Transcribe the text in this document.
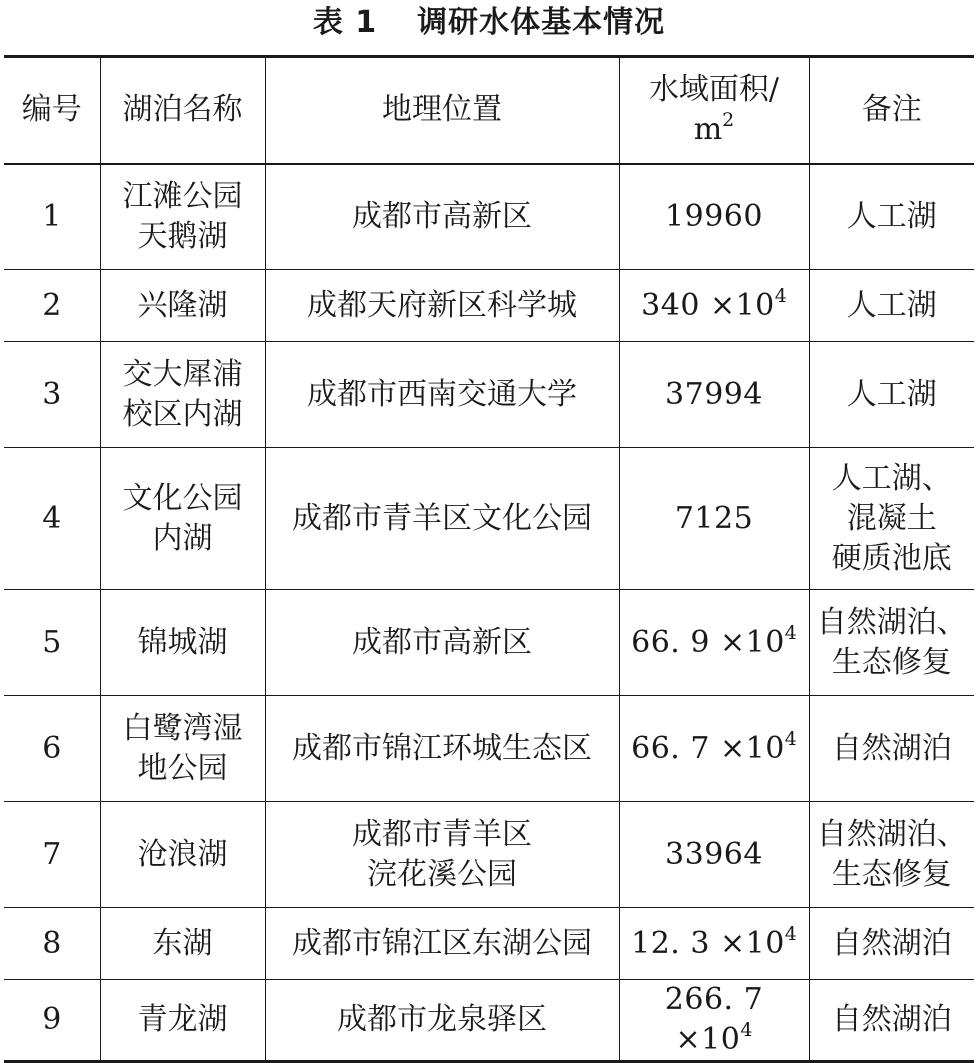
表 1 调研水体基本情况
编号	湖泊名称	地理位置	水域面积/
$m^2$	备注
1	江滩公园
天鹅湖	成都市高新区	19960	人工湖

2	兴隆湖	成都天府新区科学城	$340 \times 10^4$	人工湖

3	交大犀浦
校区内湖	成都市西南交通大学	37994	人工湖

4	文化公园
内湖	成都市青羊区文化公园	7125	人工湖、
混凝土
硬质池底

5	锦城湖	成都市高新区	66. $9 \times 10^4$	自然湖泊、
生态修复

6	白鹭湾湿
地公园	成都市锦江环城生态区	66. $7 \times 10^4$	自然湖泊

7	沧浪湖	成都市青羊区
浣花溪公园	33964	自然湖泊、
生态修复

8	东湖	成都市锦江区东湖公园	12. $3 \times 10^4$	自然湖泊

9	青龙湖	成都市龙泉驿区	266. $7 \times 10^4$	自然湖泊
